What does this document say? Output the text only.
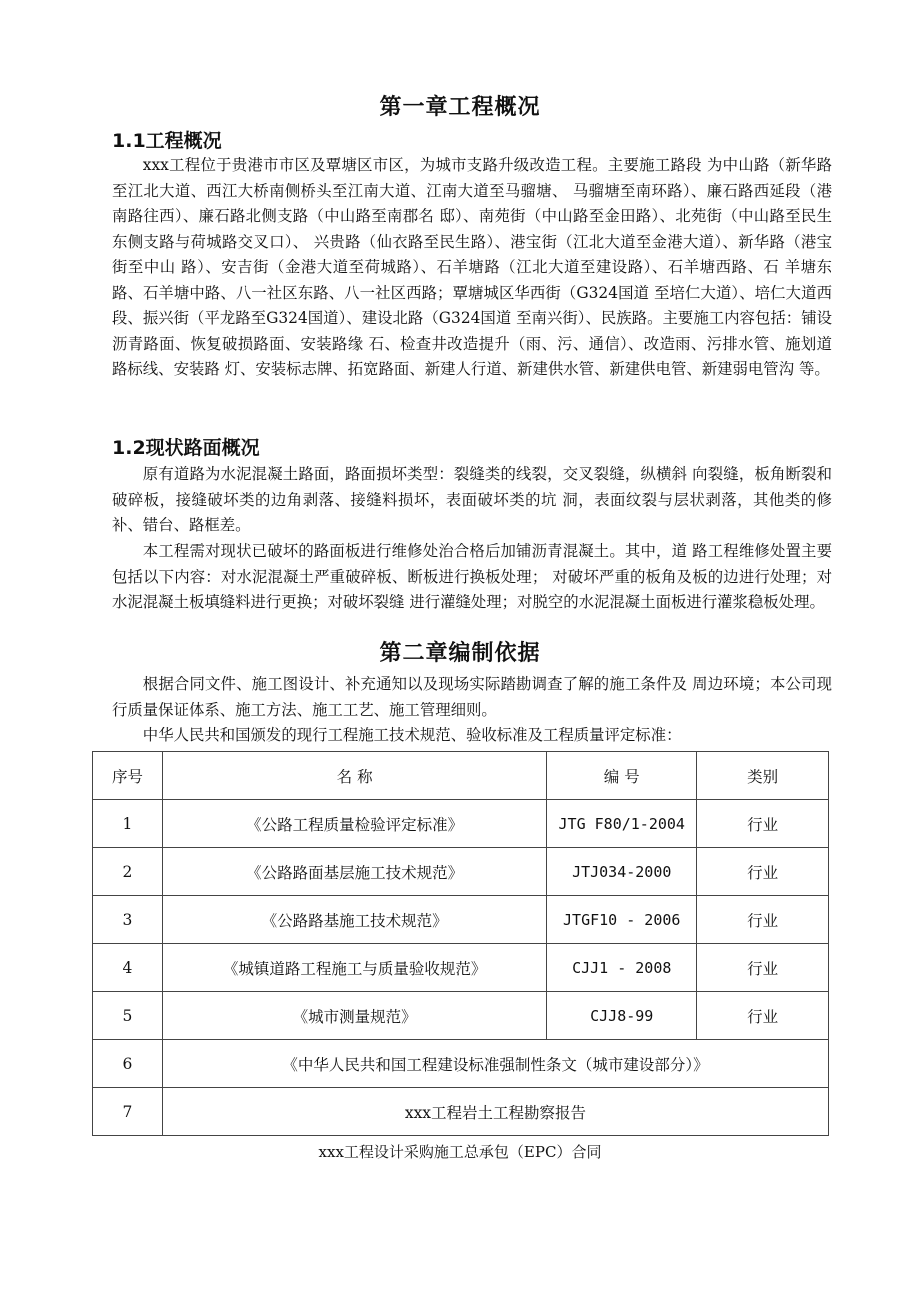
第一章工程概况
1.1工程概况

xxx工程位于贵港市市区及覃塘区市区，为城市支路升级改造工程。主要施工路段 为中山路（新华路至江北大道、西江大桥南侧桥头至江南大道、江南大道至马骝塘、 马骝塘至南环路）、廉石路西延段（港南路往西）、廉石路北侧支路（中山路至南郡名 邸）、南苑街（中山路至金田路）、北苑街（中山路至民生东侧支路与荷城路交叉口）、 兴贵路（仙衣路至民生路）、港宝街（江北大道至金港大道）、新华路（港宝街至中山 路）、安吉街（金港大道至荷城路）、石羊塘路（江北大道至建设路）、石羊塘西路、石 羊塘东路、石羊塘中路、八一社区东路、八一社区西路；覃塘城区华西街（G324国道 至培仁大道）、培仁大道西段、振兴街（平龙路至G324国道）、建设北路（G324国道 至南兴街）、民族路。主要施工内容包括：铺设沥青路面、恢复破损路面、安装路缘 石、检查井改造提升（雨、污、通信）、改造雨、污排水管、施划道路标线、安装路 灯、安装标志牌、拓宽路面、新建人行道、新建供水管、新建供电管、新建弱电管沟 等。

1.2现状路面概况

原有道路为水泥混凝土路面，路面损坏类型：裂缝类的线裂，交叉裂缝，纵横斜 向裂缝，板角断裂和破碎板，接缝破坏类的边角剥落、接缝料损坏，表面破坏类的坑 洞，表面纹裂与层状剥落，其他类的修补、错台、路框差。

本工程需对现状已破坏的路面板进行维修处治合格后加铺沥青混凝土。其中，道 路工程维修处置主要包括以下内容：对水泥混凝土严重破碎板、断板进行换板处理； 对破坏严重的板角及板的边进行处理；对水泥混凝土板填缝料进行更换；对破坏裂缝 进行灌缝处理；对脱空的水泥混凝土面板进行灌浆稳板处理。

第二章编制依据

根据合同文件、施工图设计、补充通知以及现场实际踏勘调查了解的施工条件及 周边环境；本公司现行质量保证体系、施工方法、施工工艺、施工管理细则。

中华人民共和国颁发的现行工程施工技术规范、验收标准及工程质量评定标准：

序号	名 称	编 号	类别
1	《公路工程质量检验评定标准》	JTG F80/1-2004	行业
2	《公路路面基层施工技术规范》	JTJ034-2000	行业
3	《公路路基施工技术规范》	JTGF10 - 2006	行业
4	《城镇道路工程施工与质量验收规范》	CJJ1 - 2008	行业
5	《城市测量规范》	CJJ8-99	行业
6	《中华人民共和国工程建设标准强制性条文（城市建设部分）》		
7	xxx工程岩土工程勘察报告		
xxx工程设计采购施工总承包（EPC）合同
